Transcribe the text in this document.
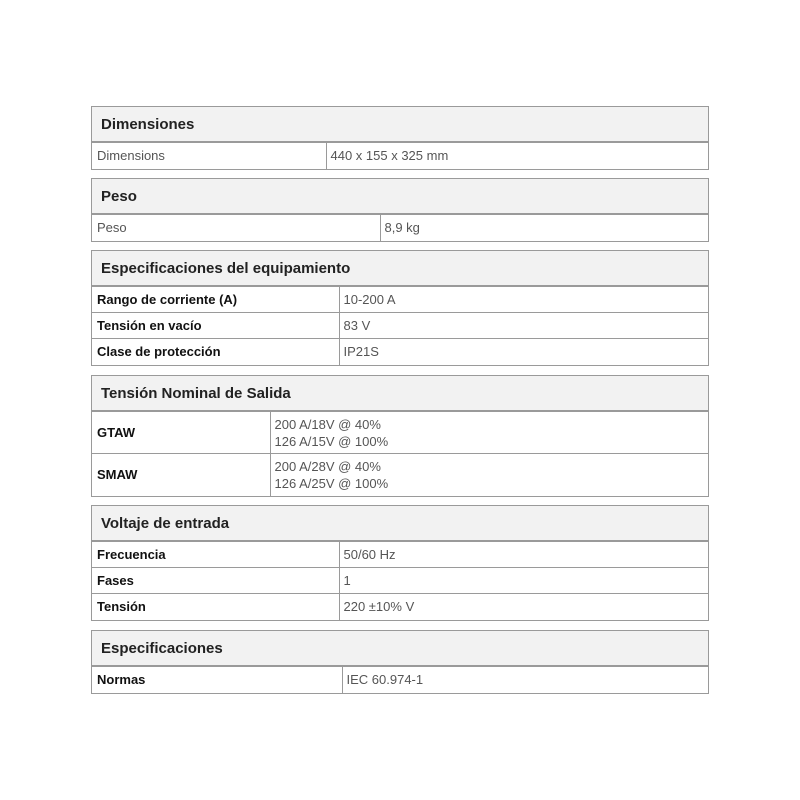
Dimensiones
Dimensions	440 x 155 x 325 mm
Peso
Peso	8,9 kg
Especificaciones del equipamiento
Rango de corriente (A)	10-200 A

Tensión en vacío	83 V

Clase de protección	IP21S
Tensión Nominal de Salida
GTAW	200 A/18V @ 40%
126 A/15V @ 100%

SMAW	200 A/28V @ 40%
126 A/25V @ 100%
Voltaje de entrada
Frecuencia	50/60 Hz

Fases	1

Tensión	220 ±10% V
Especificaciones
Normas	IEC 60.974-1
